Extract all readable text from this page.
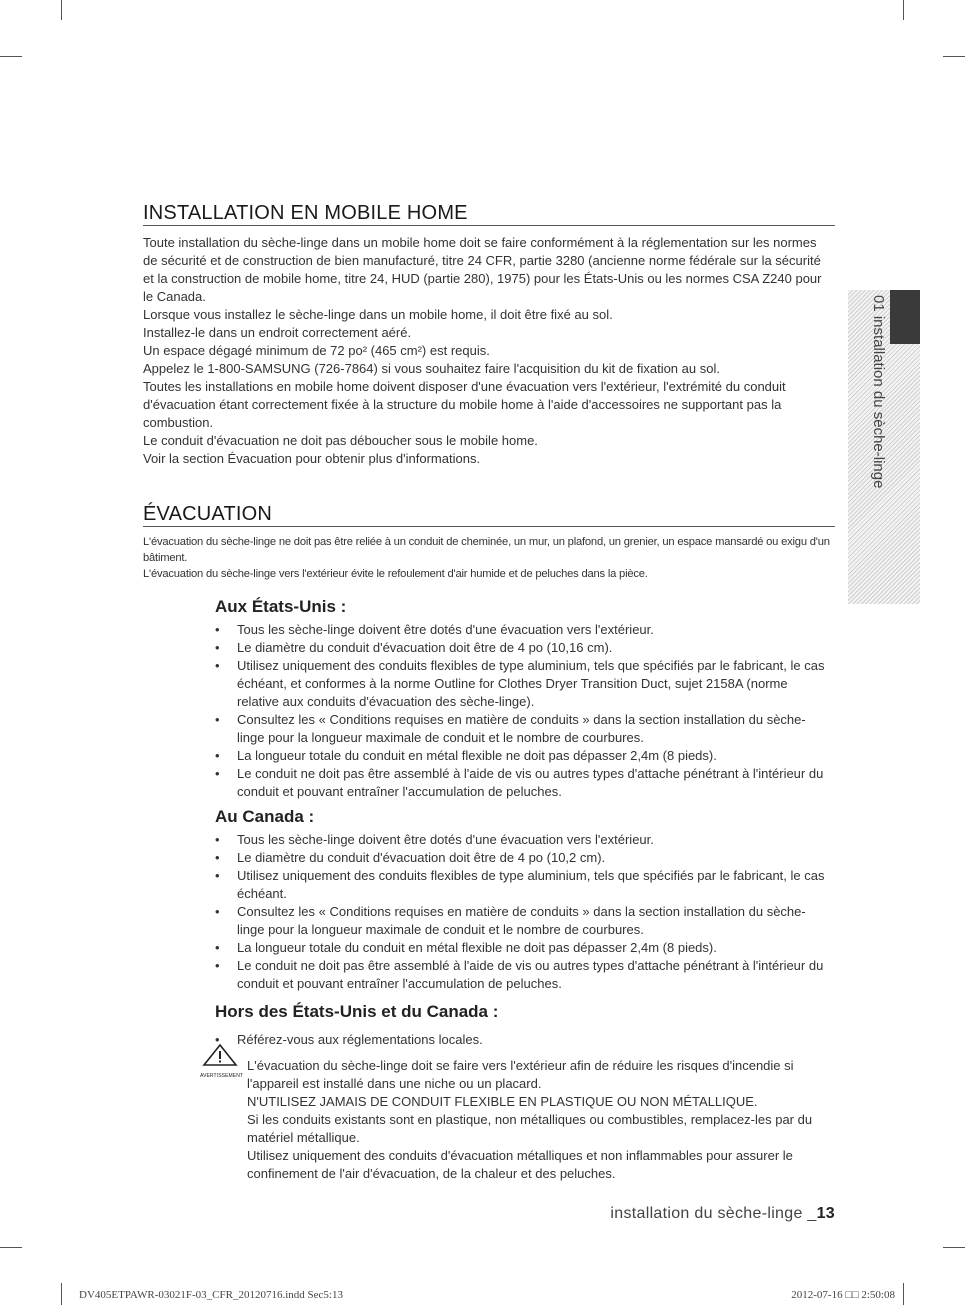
INSTALLATION EN MOBILE HOME

Toute installation du sèche-linge dans un mobile home doit se faire conformément à la réglementation sur les normes de sécurité et de construction de bien manufacturé, titre 24 CFR, partie 3280 (ancienne norme fédérale sur la sécurité et la construction de mobile home, titre 24, HUD (partie 280), 1975) pour les États-Unis ou les normes CSA Z240 pour le Canada.

Lorsque vous installez le sèche-linge dans un mobile home, il doit être fixé au sol.

Installez-le dans un endroit correctement aéré.

Un espace dégagé minimum de 72 po² (465 cm²) est requis.

Appelez le 1-800-SAMSUNG (726-7864) si vous souhaitez faire l'acquisition du kit de fixation au sol.

Toutes les installations en mobile home doivent disposer d'une évacuation vers l'extérieur, l'extrémité du conduit d'évacuation étant correctement fixée à la structure du mobile home à l'aide d'accessoires ne supportant pas la combustion.

Le conduit d'évacuation ne doit pas déboucher sous le mobile home.

Voir la section Évacuation pour obtenir plus d'informations.

ÉVACUATION

L'évacuation du sèche-linge ne doit pas être reliée à un conduit de cheminée, un mur, un plafond, un grenier, un espace mansardé ou exigu d'un bâtiment.

L'évacuation du sèche-linge vers l'extérieur évite le refoulement d'air humide et de peluches dans la pièce.

Aux États-Unis :
• Tous les sèche-linge doivent être dotés d'une évacuation vers l'extérieur.
• Le diamètre du conduit d'évacuation doit être de 4 po (10,16 cm).
• Utilisez uniquement des conduits flexibles de type aluminium, tels que spécifiés par le fabricant, le cas échéant, et conformes à la norme Outline for Clothes Dryer Transition Duct, sujet 2158A (norme relative aux conduits d'évacuation des sèche-linge).
• Consultez les « Conditions requises en matière de conduits » dans la section installation du sèche-linge pour la longueur maximale de conduit et le nombre de courbures.
• La longueur totale du conduit en métal flexible ne doit pas dépasser 2,4m (8 pieds).
• Le conduit ne doit pas être assemblé à l'aide de vis ou autres types d'attache pénétrant à l'intérieur du conduit et pouvant entraîner l'accumulation de peluches.
Au Canada :
• Tous les sèche-linge doivent être dotés d'une évacuation vers l'extérieur.
• Le diamètre du conduit d'évacuation doit être de 4 po (10,2 cm).
• Utilisez uniquement des conduits flexibles de type aluminium, tels que spécifiés par le fabricant, le cas échéant.
• Consultez les « Conditions requises en matière de conduits » dans la section installation du sèche-linge pour la longueur maximale de conduit et le nombre de courbures.
• La longueur totale du conduit en métal flexible ne doit pas dépasser 2,4m (8 pieds).
• Le conduit ne doit pas être assemblé à l'aide de vis ou autres types d'attache pénétrant à l'intérieur du conduit et pouvant entraîner l'accumulation de peluches.
Hors des États-Unis et du Canada :
• Référez-vous aux réglementations locales.
AVERTISSEMENT

L'évacuation du sèche-linge doit se faire vers l'extérieur afin de réduire les risques d'incendie si l'appareil est installé dans une niche ou un placard.

N'UTILISEZ JAMAIS DE CONDUIT FLEXIBLE EN PLASTIQUE OU NON MÉTALLIQUE.

Si les conduits existants sont en plastique, non métalliques ou combustibles, remplacez-les par du matériel métallique.

Utilisez uniquement des conduits d'évacuation métalliques et non inflammables pour assurer le confinement de l'air d'évacuation, de la chaleur et des peluches.

01 installation du sèche-linge
installation du sèche-linge _13
DV405ETPAWR-03021F-03_CFR_20120716.indd Sec5:13	2012-07-16 □□ 2:50:08
